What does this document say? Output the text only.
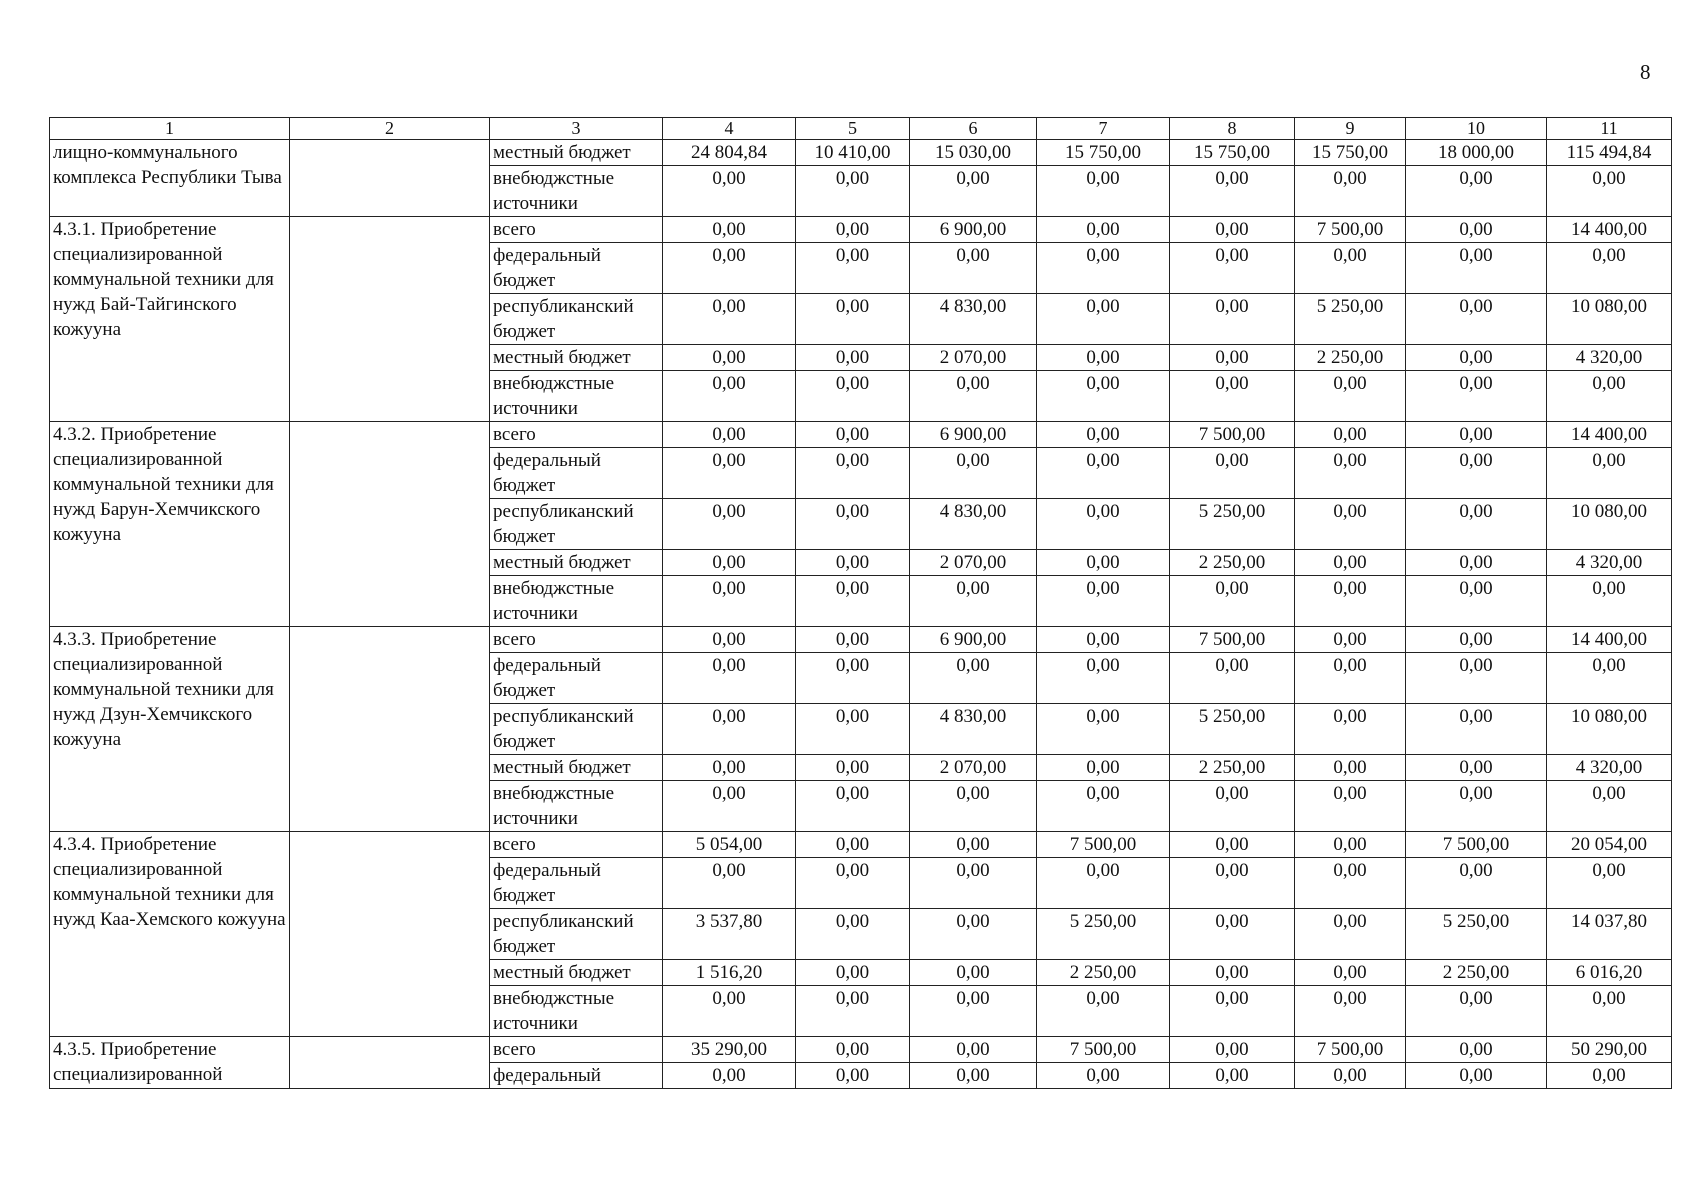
8
1	2	3	4	5	6	7	8	9	10	11
лищно-коммунального комплекса Республики Тыва		местный бюджет	24 804,84	10 410,00	15 030,00	15 750,00	15 750,00	15 750,00	18 000,00	115 494,84
		внебюджстные источники	0,00	0,00	0,00	0,00	0,00	0,00	0,00	0,00
4.3.1. Приобретение специализированной коммунальной техники для нужд Бай-Тайгинского кожууна		всего	0,00	0,00	6 900,00	0,00	0,00	7 500,00	0,00	14 400,00
		федеральный бюджет	0,00	0,00	0,00	0,00	0,00	0,00	0,00	0,00
		республиканский бюджет	0,00	0,00	4 830,00	0,00	0,00	5 250,00	0,00	10 080,00
		местный бюджет	0,00	0,00	2 070,00	0,00	0,00	2 250,00	0,00	4 320,00
		внебюджстные источники	0,00	0,00	0,00	0,00	0,00	0,00	0,00	0,00
4.3.2. Приобретение специализированной коммунальной техники для нужд Барун-Хемчикского кожууна		всего	0,00	0,00	6 900,00	0,00	7 500,00	0,00	0,00	14 400,00
		федеральный бюджет	0,00	0,00	0,00	0,00	0,00	0,00	0,00	0,00
		республиканский бюджет	0,00	0,00	4 830,00	0,00	5 250,00	0,00	0,00	10 080,00
		местный бюджет	0,00	0,00	2 070,00	0,00	2 250,00	0,00	0,00	4 320,00
		внебюджстные источники	0,00	0,00	0,00	0,00	0,00	0,00	0,00	0,00
4.3.3. Приобретение специализированной коммунальной техники для нужд Дзун-Хемчикского кожууна		всего	0,00	0,00	6 900,00	0,00	7 500,00	0,00	0,00	14 400,00
		федеральный бюджет	0,00	0,00	0,00	0,00	0,00	0,00	0,00	0,00
		республиканский бюджет	0,00	0,00	4 830,00	0,00	5 250,00	0,00	0,00	10 080,00
		местный бюджет	0,00	0,00	2 070,00	0,00	2 250,00	0,00	0,00	4 320,00
		внебюджстные источники	0,00	0,00	0,00	0,00	0,00	0,00	0,00	0,00
4.3.4. Приобретение специализированной коммунальной техники для нужд Каа-Хемского кожууна		всего	5 054,00	0,00	0,00	7 500,00	0,00	0,00	7 500,00	20 054,00
		федеральный бюджет	0,00	0,00	0,00	0,00	0,00	0,00	0,00	0,00
		республиканский бюджет	3 537,80	0,00	0,00	5 250,00	0,00	0,00	5 250,00	14 037,80
		местный бюджет	1 516,20	0,00	0,00	2 250,00	0,00	0,00	2 250,00	6 016,20
		внебюджстные источники	0,00	0,00	0,00	0,00	0,00	0,00	0,00	0,00
4.3.5. Приобретение специализированной		всего	35 290,00	0,00	0,00	7 500,00	0,00	7 500,00	0,00	50 290,00
		федеральный	0,00	0,00	0,00	0,00	0,00	0,00	0,00	0,00
